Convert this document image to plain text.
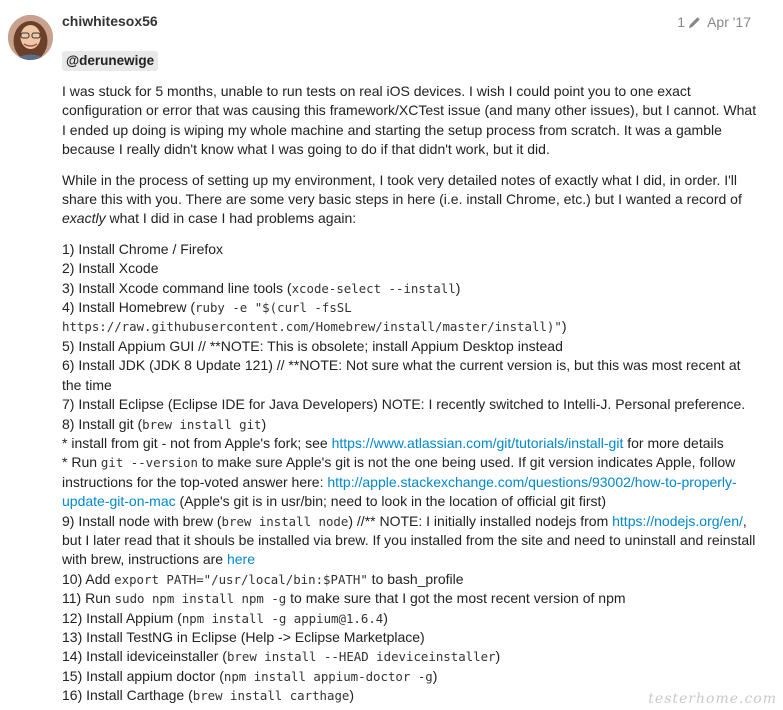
chiwhitesox56	1 Apr '17
@derunewige

I was stuck for 5 months, unable to run tests on real iOS devices. I wish I could point you to one exact configuration or error that was causing this framework/XCTest issue (and many other issues), but I cannot. What I ended up doing is wiping my whole machine and starting the setup process from scratch. It was a gamble because I really didn't know what I was going to do if that didn't work, but it did.

While in the process of setting up my environment, I took very detailed notes of exactly what I did, in order. I'll share this with you. There are some very basic steps in here (i.e. install Chrome, etc.) but I wanted a record of exactly what I did in case I had problems again:

1) Install Chrome / Firefox
2) Install Xcode
3) Install Xcode command line tools (xcode-select --install)
4) Install Homebrew (ruby -e "$(curl -fsSL https://raw.githubusercontent.com/Homebrew/install/master/install)")
5) Install Appium GUI // **NOTE: This is obsolete; install Appium Desktop instead
6) Install JDK (JDK 8 Update 121) // **NOTE: Not sure what the current version is, but this was most recent at the time
7) Install Eclipse (Eclipse IDE for Java Developers) NOTE: I recently switched to Intelli-J. Personal preference.
8) Install git (brew install git)
* install from git - not from Apple's fork; see https://www.atlassian.com/git/tutorials/install-git for more details
* Run git --version to make sure Apple's git is not the one being used. If git version indicates Apple, follow instructions for the top-voted answer here: http://apple.stackexchange.com/questions/93002/how-to-properly-update-git-on-mac (Apple's git is in usr/bin; need to look in the location of official git first)
9) Install node with brew (brew install node) //** NOTE: I initially installed nodejs from https://nodejs.org/en/, but I later read that it shouls be installed via brew. If you installed from the site and need to uninstall and reinstall with brew, instructions are here
10) Add export PATH="/usr/local/bin:$PATH" to bash_profile
11) Run sudo npm install npm -g to make sure that I got the most recent version of npm
12) Install Appium (npm install -g appium@1.6.4)
13) Install TestNG in Eclipse (Help -> Eclipse Marketplace)
14) Install ideviceinstaller (brew install --HEAD ideviceinstaller)
15) Install appium doctor (npm install appium-doctor -g)
16) Install Carthage (brew install carthage)	testerhome.com
